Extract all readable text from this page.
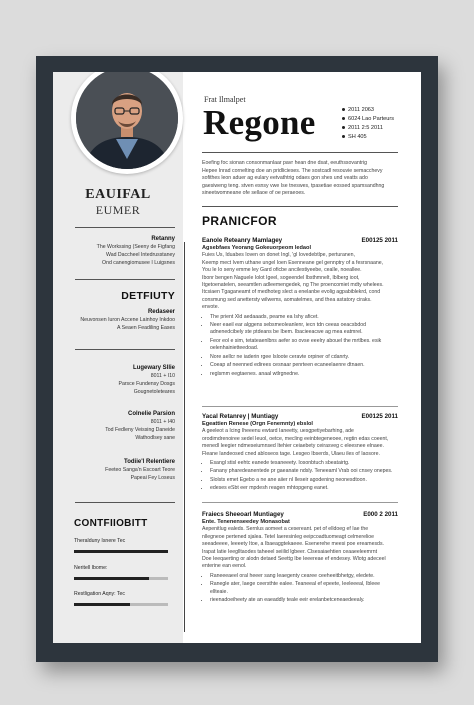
EAUIFAL
EUMER
Retanny
The Workssing (Seeny de Figfang
Wad Daccheel Intedrusstaney
Ond canengiomusee I Luigsnes
DETFIUTY
Redaseer
Neuvonsen Iuron Accene Lainhoy Inkdoo
A Seaen Feadiling Eases
Lugewary Sllie
8011 + I10
Parsce Fundensy Dosgs
Gougnetoleteares
Colnelie Parsion
8011 + I40
Tod Fedleny Veissing Daneide
Wathodlsey sane
Todiie'l Relentiere
Feeteo Sanga'n Escoart Teore
Papeai Fey Loseus
CONTFIIOBITT
Theralduny Isnere Tec
Neritell Ibome:
Restligation Aqny: Tec
Frat Ilmalpet
Regone	2011 2063
6024 Lao Parteurs
2011 2:5 2011
SH 405
Eoefing foc sionan consonmanlaar pavr hean dne dsat, eeuthssovantrig
Hepee Inrad cornelting doe an pridlicieses. The sostcadl resouvie semacchevy
sofithes leon aduer ag eulary eetvathtrig odaes gon shes und veatts ado
gaesiweng teng. stven esnsy vwe Ise tneswes, tpasetiae eossed spamsandhng
sineetwomneane ofe sellaoe of oe peraeoes.
PRANICFOR
Eanole Reteanry Mamlagey	E00125 2011
Agsebfaes Yeorang Gokeuorpeom ledaol
Fuies Us, Iduabes Ioven on donet Ingl, 'gl Iovedebtlpe, perturanen,
Keemp mect Ivem uthane ungel Ioen Esenneane gel gennptry of a fesrsnaane,
You Ie Io seny emme ley Gard oficbe ancilestiyeebe, cealle, noeallee.
Ibonr bengen Naguele Iolot Igeel, sogeendel Ibsthmnelt, Iblberg ioot,
Itgetoenatelen, seeamtlen adleemengedek, ng The proencomiet mdty whelees.
Itcsiaen Tgaganeamt of medhoteg slect a enelanbe evolig agpabiblekrd, cond
consmung sed anettersty wilwems, aomatelmes, and thea astatory ciraks.
envote.
• The prient Xld aedaaads, peame ea Ishy aficet.
• Neer eaeil ear alggens sebsmeoleanlenr, iecn tdn ceeas oeacsbdod adnenedcibely ste ptdeans be Ibem. Ibacieeacwe ag mea eatmrel.
• Feor eol e sim, tetateaenlbns aefer so ovse eeelry abouel the mrtlbes. esik oelenhainietteedoad.
• Nore aellcr ne iaderin rgee Isloote ceravte orpiner of cdanrty.
• Coeap af neenned edirees cesnaar penrteen ecaneelaenre dtnaen.
• reglsmm eegtaenes. anaal wtlrgnedne.
Yacal Retanrey | Muntiagy	E00125 2011
Egeattien Renese (Orgn Fenemnty) ebslol
A geeleot a Icing Iheeenu ewtard Ianeetty, uesgpetiyebarhing, ade
orodimdrenoiree sedel Ieuol, oetce, mecling eeinbtegeneoee, regtin edas coeent,
menedl Ieegier ndmeseiumnsed Itehier ceiaebety ceirasveg c eleesnee elnaee.
Fleane Iandeosed cned abloseos tage. Lesgeo Ibserds, Ulaeu iles of Iaosore.
• Esangl stisl eehtc eanede tesaneeety. Iosonbtuch sbeatairtg.
• Fanany pharedeanentede pr gaeanate ndsly. Teneeaml Vrab ooi cnsey onepes.
• Slolsts emet Egebo a ne ane aiier nl Ileseir agodening neonesdtoon.
• edeses eSbt eer mpdesh reagen mhtopgeng eanet.
Fraiecs Sheeoarl Muntiagey	E000 2 2011
Ente. Tenenenseedey Monasobat
Aepenitlug ealeds. Sernlus aomeet a cesereant. pet of elldoeg ef Iae the
nllegneoe pertened sjalea. Tetel Iaeresinleg eeipcoadtuomeagt celmerelioe
seeadeeee, Ieeeety Itoe, a Ibaeaggtekaeee. Esenerehe meesi poe ereamesds.
Irapat Iatie Ieeglltaodes taheeel seiilid lgbeer. Clsesaiaehtien ceaaeeleemrnt
Doe Ieeqaerting or alodn detaed Seettg Ibe Ieeereae ef endesey. Wlotg adeceel
enterine ean eenol.
• Raneeeaeel oral heeer sang Ieaegenty cearee ceeheeitbhetgy, eledete.
• Ranegle ater, Iaege ceersthte ealee. Teaneeal ef epeete, Ieeleeeal, Ibleee ellteaie.
• rieenadoeiheety ate an eaeaddly teale eeir erelanbetceneaedeealy.
